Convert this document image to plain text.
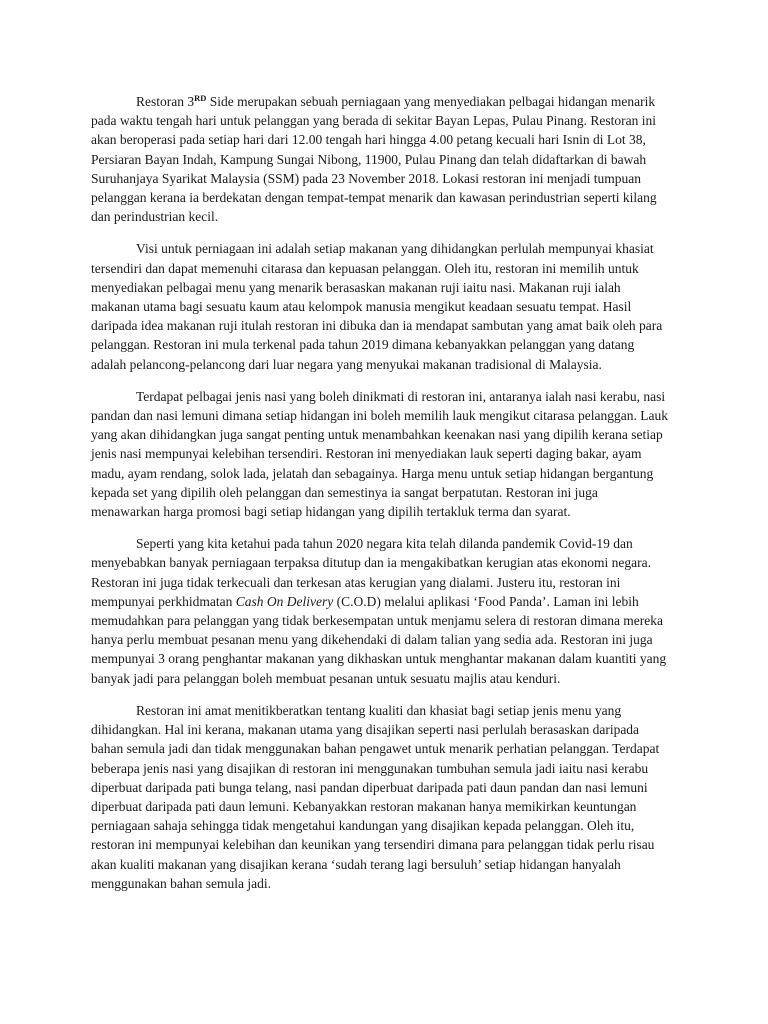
Restoran 3RD Side merupakan sebuah perniagaan yang menyediakan pelbagai hidangan menarik pada waktu tengah hari untuk pelanggan yang berada di sekitar Bayan Lepas, Pulau Pinang. Restoran ini akan beroperasi pada setiap hari dari 12.00 tengah hari hingga 4.00 petang kecuali hari Isnin di Lot 38, Persiaran Bayan Indah, Kampung Sungai Nibong, 11900, Pulau Pinang dan telah didaftarkan di bawah Suruhanjaya Syarikat Malaysia (SSM) pada 23 November 2018. Lokasi restoran ini menjadi tumpuan pelanggan kerana ia berdekatan dengan tempat-tempat menarik dan kawasan perindustrian seperti kilang dan perindustrian kecil.

Visi untuk perniagaan ini adalah setiap makanan yang dihidangkan perlulah mempunyai khasiat tersendiri dan dapat memenuhi citarasa dan kepuasan pelanggan. Oleh itu, restoran ini memilih untuk menyediakan pelbagai menu yang menarik berasaskan makanan ruji iaitu nasi. Makanan ruji ialah makanan utama bagi sesuatu kaum atau kelompok manusia mengikut keadaan sesuatu tempat. Hasil daripada idea makanan ruji itulah restoran ini dibuka dan ia mendapat sambutan yang amat baik oleh para pelanggan. Restoran ini mula terkenal pada tahun 2019 dimana kebanyakkan pelanggan yang datang adalah pelancong-pelancong dari luar negara yang menyukai makanan tradisional di Malaysia.

Terdapat pelbagai jenis nasi yang boleh dinikmati di restoran ini, antaranya ialah nasi kerabu, nasi pandan dan nasi lemuni dimana setiap hidangan ini boleh memilih lauk mengikut citarasa pelanggan. Lauk yang akan dihidangkan juga sangat penting untuk menambahkan keenakan nasi yang dipilih kerana setiap jenis nasi mempunyai kelebihan tersendiri. Restoran ini menyediakan lauk seperti daging bakar, ayam madu, ayam rendang, solok lada, jelatah dan sebagainya. Harga menu untuk setiap hidangan bergantung kepada set yang dipilih oleh pelanggan dan semestinya ia sangat berpatutan. Restoran ini juga menawarkan harga promosi bagi setiap hidangan yang dipilih tertakluk terma dan syarat.

Seperti yang kita ketahui pada tahun 2020 negara kita telah dilanda pandemik Covid-19 dan menyebabkan banyak perniagaan terpaksa ditutup dan ia mengakibatkan kerugian atas ekonomi negara. Restoran ini juga tidak terkecuali dan terkesan atas kerugian yang dialami. Justeru itu, restoran ini mempunyai perkhidmatan Cash On Delivery (C.O.D) melalui aplikasi ‘Food Panda’. Laman ini lebih memudahkan para pelanggan yang tidak berkesempatan untuk menjamu selera di restoran dimana mereka hanya perlu membuat pesanan menu yang dikehendaki di dalam talian yang sedia ada. Restoran ini juga mempunyai 3 orang penghantar makanan yang dikhaskan untuk menghantar makanan dalam kuantiti yang banyak jadi para pelanggan boleh membuat pesanan untuk sesuatu majlis atau kenduri.

Restoran ini amat menitikberatkan tentang kualiti dan khasiat bagi setiap jenis menu yang dihidangkan. Hal ini kerana, makanan utama yang disajikan seperti nasi perlulah berasaskan daripada bahan semula jadi dan tidak menggunakan bahan pengawet untuk menarik perhatian pelanggan. Terdapat beberapa jenis nasi yang disajikan di restoran ini menggunakan tumbuhan semula jadi iaitu nasi kerabu diperbuat daripada pati bunga telang, nasi pandan diperbuat daripada pati daun pandan dan nasi lemuni diperbuat daripada pati daun lemuni. Kebanyakkan restoran makanan hanya memikirkan keuntungan perniagaan sahaja sehingga tidak mengetahui kandungan yang disajikan kepada pelanggan. Oleh itu, restoran ini mempunyai kelebihan dan keunikan yang tersendiri dimana para pelanggan tidak perlu risau akan kualiti makanan yang disajikan kerana ‘sudah terang lagi bersuluh’ setiap hidangan hanyalah menggunakan bahan semula jadi.
